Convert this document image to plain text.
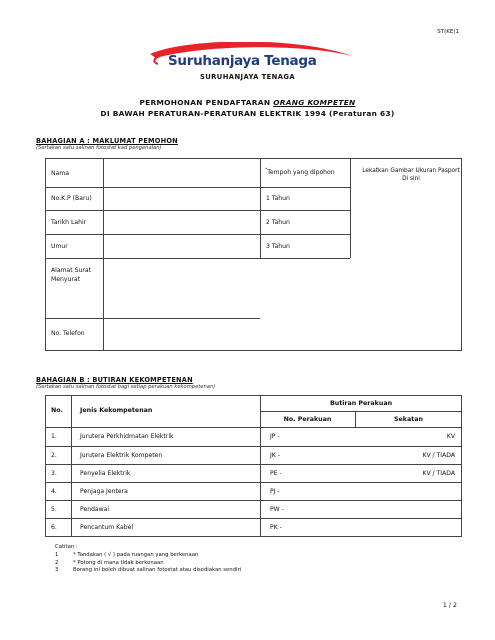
ST(KE)1
Suruhanjaya Tenaga
SURUHANJAYA TENAGA
PERMOHONAN PENDAFTARAN ORANG KOMPETEN
DI BAWAH PERATURAN-PERATURAN ELEKTRIK 1994 (Peraturan 63)
BAHAGIAN A : MAKLUMAT PEMOHON
(Sertakan satu salinan fotostat kad pengenalan)
Nama
No.K.P (Baru)
Tarikh Lahir
Umur
Alamat Surat Menyurat
No. Telefon
*Tempoh yang dipohon
1 Tahun
2 Tahun
3 Tahun
Lekatkan Gambar Ukuran Pasport Di sini
BAHAGIAN B : BUTIRAN KEKOMPETENAN
(Sertakan satu salinan fotostat bagi setiap perakuan kekompetenan)
No.	Jenis Kekompetenan
Butiran Perakuan
No. Perakuan	Sekatan
1.	Jurutera Perkhidmatan Elektrik	JP -	KV
2.	Jurutera Elektrik Kompeten	JK -	KV / TIADA
3.	Penyelia Elektrik	PE -	KV / TIADA
4.	Penjaga Jentera	PJ -
5.	Pendawai	PW -
6.	Pencantum Kabel	PK -
Catitan :
1	* Tandakan ( √ ) pada ruangan yang berkenaan
2	* Potong di mana tidak berkenaan
3	Borang ini boleh dibuat salinan fotostat atau disediakan sendiri
1 / 2
